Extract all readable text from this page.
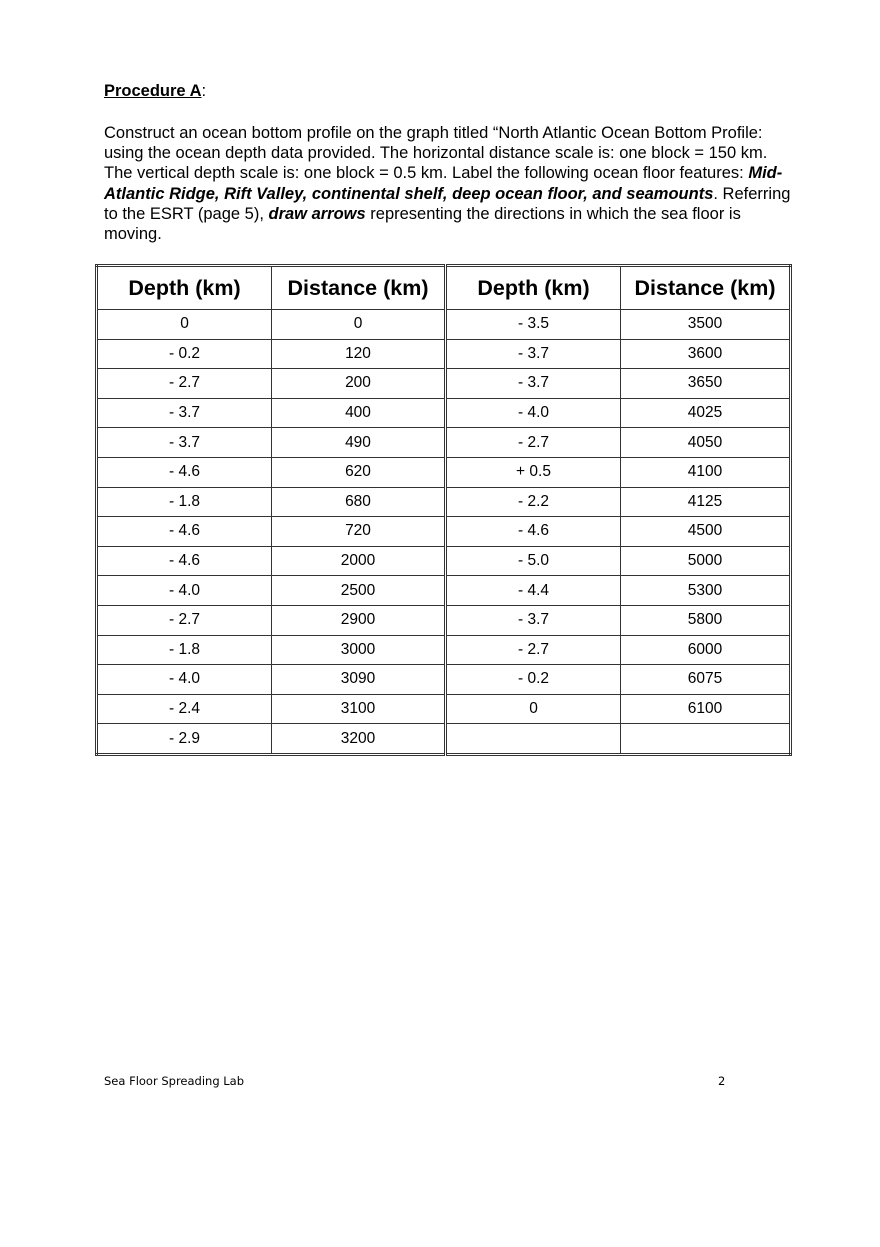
Procedure A:
Construct an ocean bottom profile on the graph titled “North Atlantic Ocean Bottom Profile: using the ocean depth data provided. The horizontal distance scale is: one block = 150 km. The vertical depth scale is: one block = 0.5 km. Label the following ocean floor features: Mid-Atlantic Ridge, Rift Valley, continental shelf, deep ocean floor, and seamounts. Referring to the ESRT (page 5), draw arrows representing the directions in which the sea floor is moving.
Depth (km)	Distance (km)	Depth (km)	Distance (km)
0	0	- 3.5	3500
- 0.2	120	- 3.7	3600
- 2.7	200	- 3.7	3650
- 3.7	400	- 4.0	4025
- 3.7	490	- 2.7	4050
- 4.6	620	+ 0.5	4100
- 1.8	680	- 2.2	4125
- 4.6	720	- 4.6	4500
- 4.6	2000	- 5.0	5000
- 4.0	2500	- 4.4	5300
- 2.7	2900	- 3.7	5800
- 1.8	3000	- 2.7	6000
- 4.0	3090	- 0.2	6075
- 2.4	3100	0	6100
- 2.9	3200		
Sea Floor Spreading Lab	2
